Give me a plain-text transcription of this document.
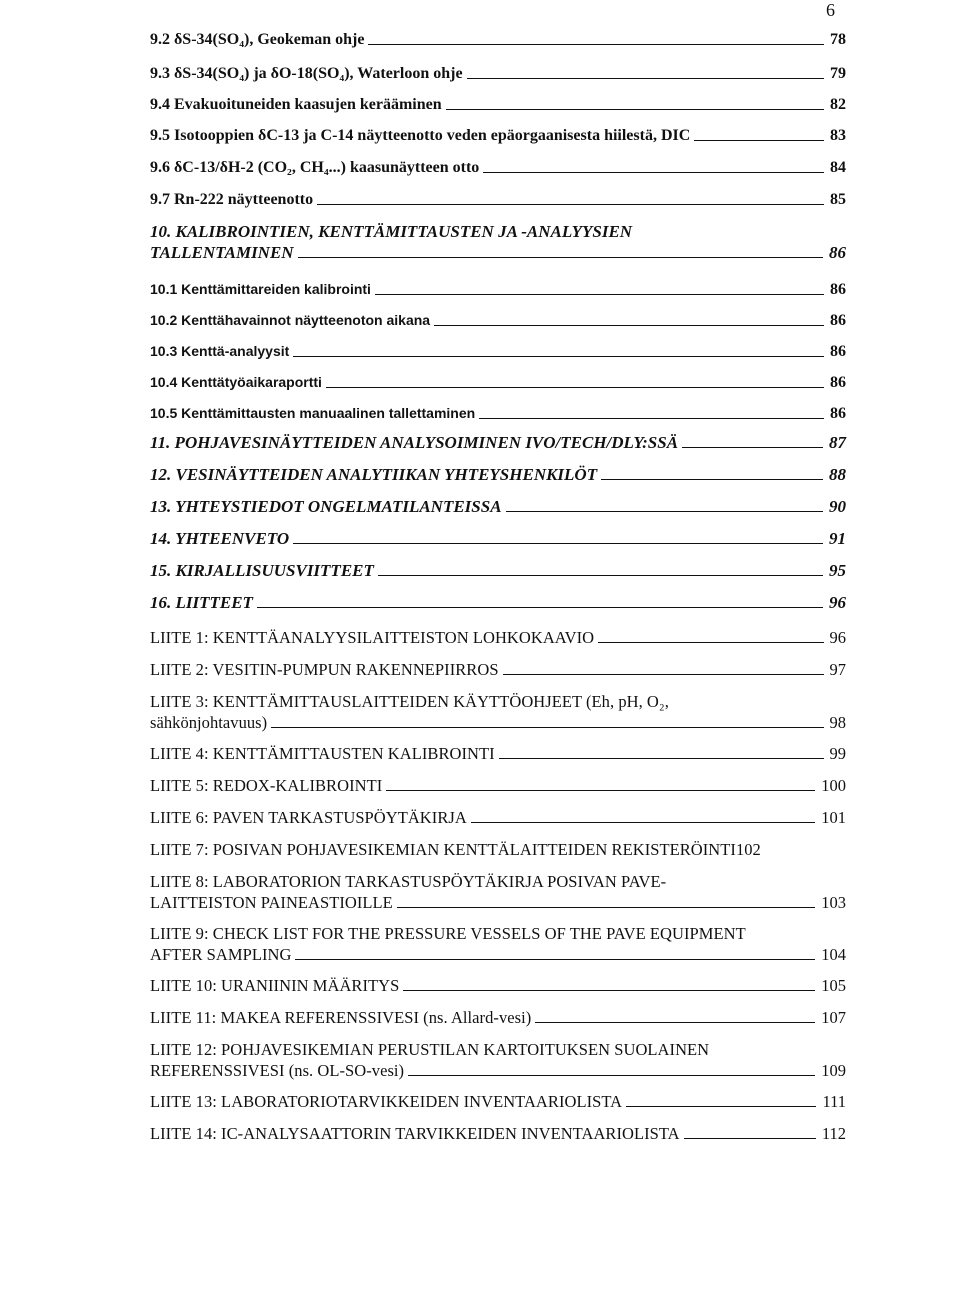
6
9.2 δS-34(SO₄), Geokeman ohje	78
9.3 δS-34(SO₄) ja δO-18(SO₄), Waterloon ohje	79
9.4 Evakuoituneiden kaasujen kerääminen	82
9.5 Isotooppien δC-13 ja C-14 näytteenotto veden epäorgaanisesta hiilestä, DIC	83
9.6 δC-13/δH-2 (CO₂, CH₄...) kaasunäytteen otto	84
9.7 Rn-222 näytteenotto	85
10. KALIBROINTIEN, KENTTÄMITTAUSTEN JA -ANALYYSIEN
TALLENTAMINEN	86
10.1 Kenttämittareiden kalibrointi	86
10.2 Kenttähavainnot näytteenoton aikana	86
10.3 Kenttä-analyysit	86
10.4 Kenttätyöaikaraportti	86
10.5 Kenttämittausten manuaalinen tallettaminen	86
11. POHJAVESINÄYTTEIDEN ANALYSOIMINEN IVO/TECH/DLY:SSÄ	87
12. VESINÄYTTEIDEN ANALYTIIKAN YHTEYSHENKILÖT	88
13. YHTEYSTIEDOT ONGELMATILANTEISSA	90
14. YHTEENVETO	91
15. KIRJALLISUUSVIITTEET	95
16. LIITTEET	96
LIITE 1: KENTTÄANALYYSILAITTEISTON LOHKOKAAVIO	96
LIITE 2: VESITIN-PUMPUN RAKENNEPIIRROS	97
LIITE 3: KENTTÄMITTAUSLAITTEIDEN KÄYTTÖOHJEET (Eh, pH, O₂,
sähkönjohtavuus)	98
LIITE 4: KENTTÄMITTAUSTEN KALIBROINTI	99
LIITE 5: REDOX-KALIBROINTI	100
LIITE 6: PAVEN TARKASTUSPÖYTÄKIRJA	101
LIITE 7: POSIVAN POHJAVESIKEMIAN KENTTÄLAITTEIDEN REKISTERÖINTI 102
LIITE 8: LABORATORION TARKASTUSPÖYTÄKIRJA POSIVAN PAVE-
LAITTEISTON PAINEASTIOILLE	103
LIITE 9: CHECK LIST FOR THE PRESSURE VESSELS OF THE PAVE EQUIPMENT
AFTER SAMPLING	104
LIITE 10: URANIININ MÄÄRITYS	105
LIITE 11: MAKEA REFERENSSIVESI (ns. Allard-vesi)	107
LIITE 12: POHJAVESIKEMIAN PERUSTILAN KARTOITUKSEN SUOLAINEN
REFERENSSIVESI (ns. OL-SO-vesi)	109
LIITE 13: LABORATORIOTARVIKKEIDEN INVENTAARIOLISTA	111
LIITE 14: IC-ANALYSAATTORIN TARVIKKEIDEN INVENTAARIOLISTA	112
